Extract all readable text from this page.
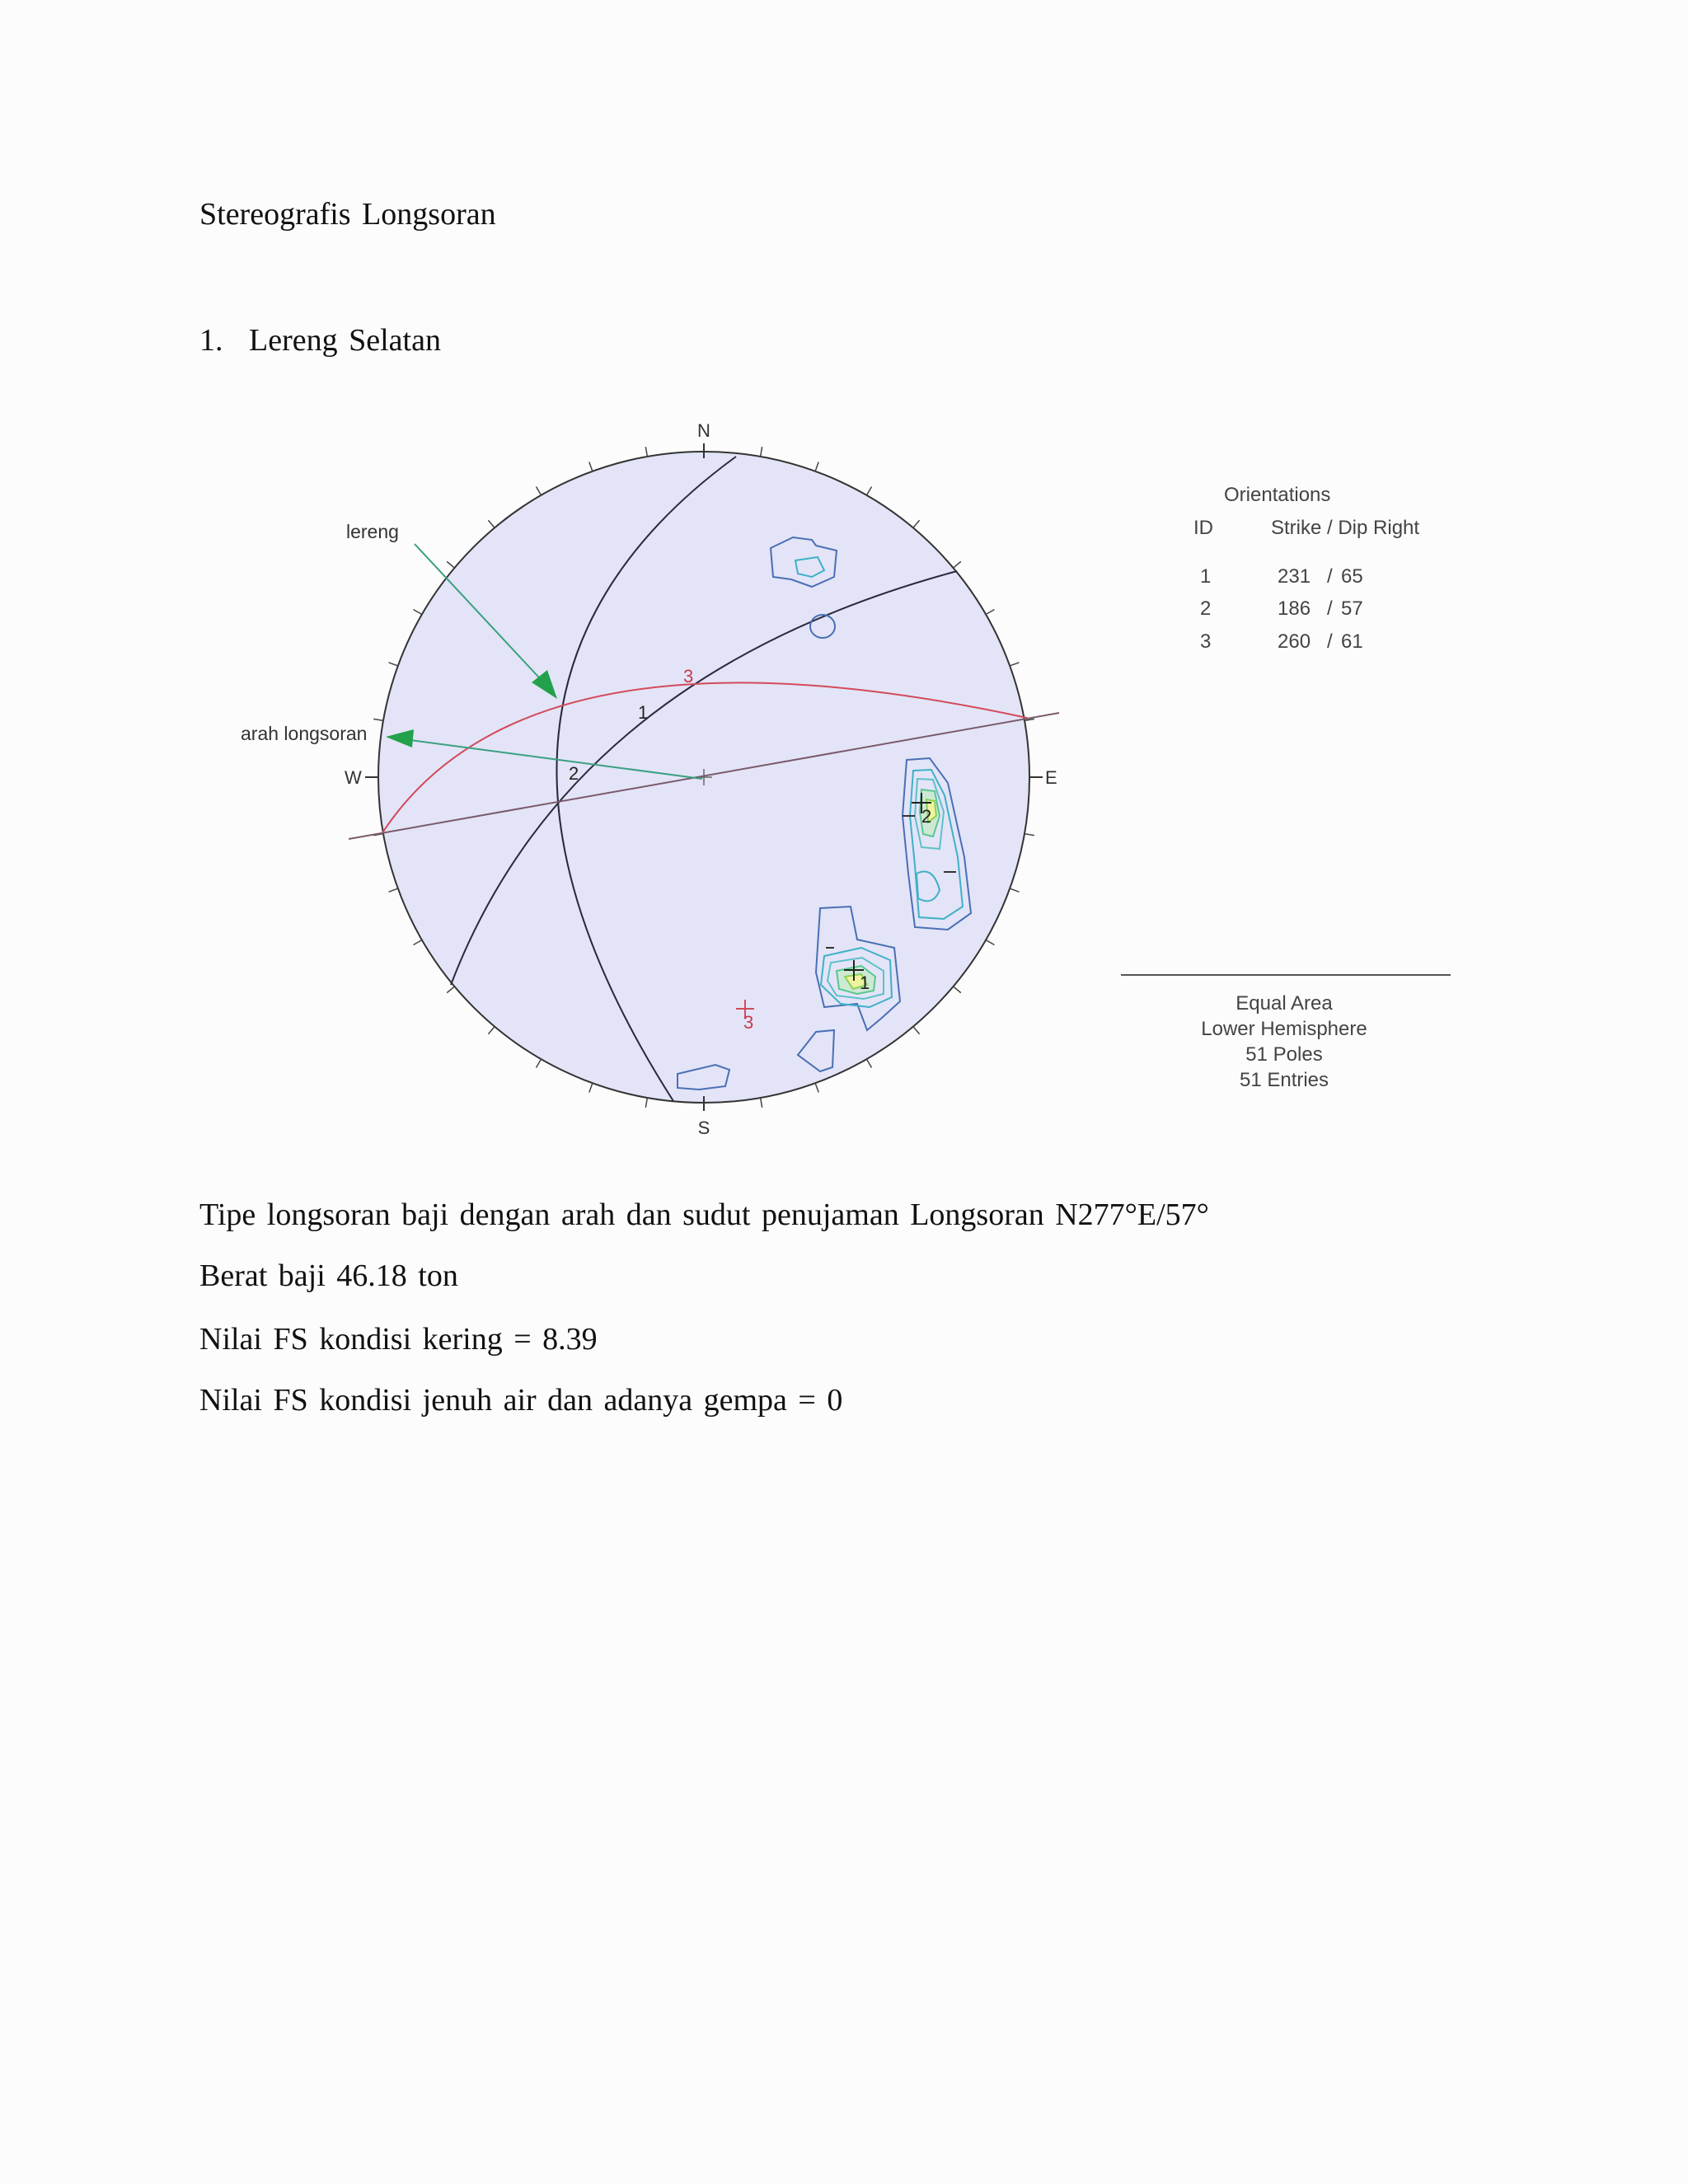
Stereografis Longsoran
1. Lereng Selatan
N
S
E
W
1
2
3
lereng
arah longsoran
1
2
3
Orientations
ID	Strike / Dip Right
1	231 / 65
2	186 / 57
3	260 / 61
Equal Area
Lower Hemisphere
51 Poles
51 Entries
Tipe longsoran baji dengan arah dan sudut penujaman Longsoran N277°E/57°
Berat baji 46.18 ton
Nilai FS kondisi kering = 8.39
Nilai FS kondisi jenuh air dan adanya gempa = 0
